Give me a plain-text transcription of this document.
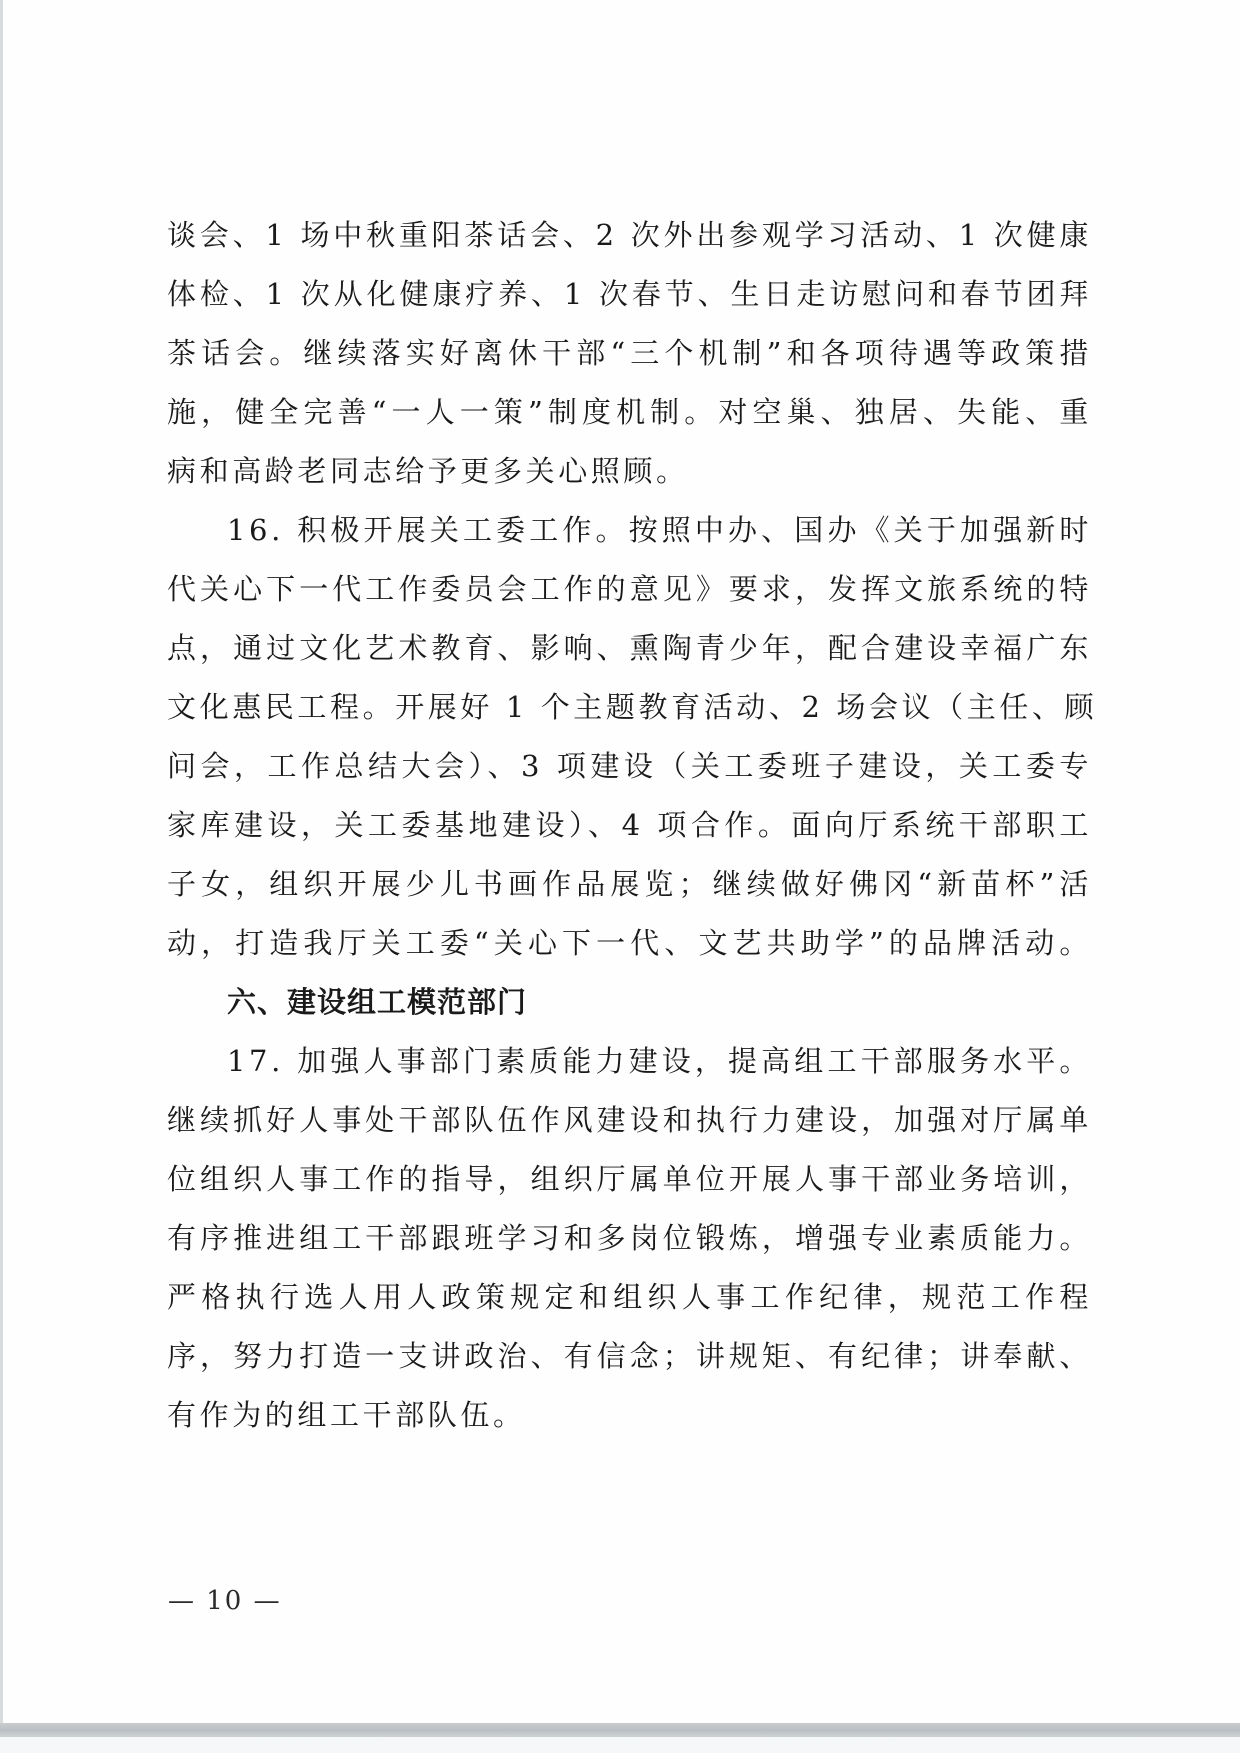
谈会、1 场中秋重阳茶话会、2 次外出参观学习活动、1 次健康
体检、1 次从化健康疗养、1 次春节、生日走访慰问和春节团拜
茶话会。继续落实好离休干部“三个机制”和各项待遇等政策措
施，健全完善“一人一策”制度机制。对空巢、独居、失能、重
病和高龄老同志给予更多关心照顾。
16. 积极开展关工委工作。按照中办、国办《关于加强新时
代关心下一代工作委员会工作的意见》要求，发挥文旅系统的特
点，通过文化艺术教育、影响、熏陶青少年，配合建设幸福广东
文化惠民工程。开展好 1 个主题教育活动、2 场会议（主任、顾
问会，工作总结大会）、3 项建设（关工委班子建设，关工委专
家库建设，关工委基地建设）、4 项合作。面向厅系统干部职工
子女，组织开展少儿书画作品展览；继续做好佛冈“新苗杯”活
动，打造我厅关工委“关心下一代、文艺共助学”的品牌活动。
六、建设组工模范部门
17. 加强人事部门素质能力建设，提高组工干部服务水平。
继续抓好人事处干部队伍作风建设和执行力建设，加强对厅属单
位组织人事工作的指导，组织厅属单位开展人事干部业务培训，
有序推进组工干部跟班学习和多岗位锻炼，增强专业素质能力。
严格执行选人用人政策规定和组织人事工作纪律，规范工作程
序，努力打造一支讲政治、有信念；讲规矩、有纪律；讲奉献、
有作为的组工干部队伍。
— 10 —
